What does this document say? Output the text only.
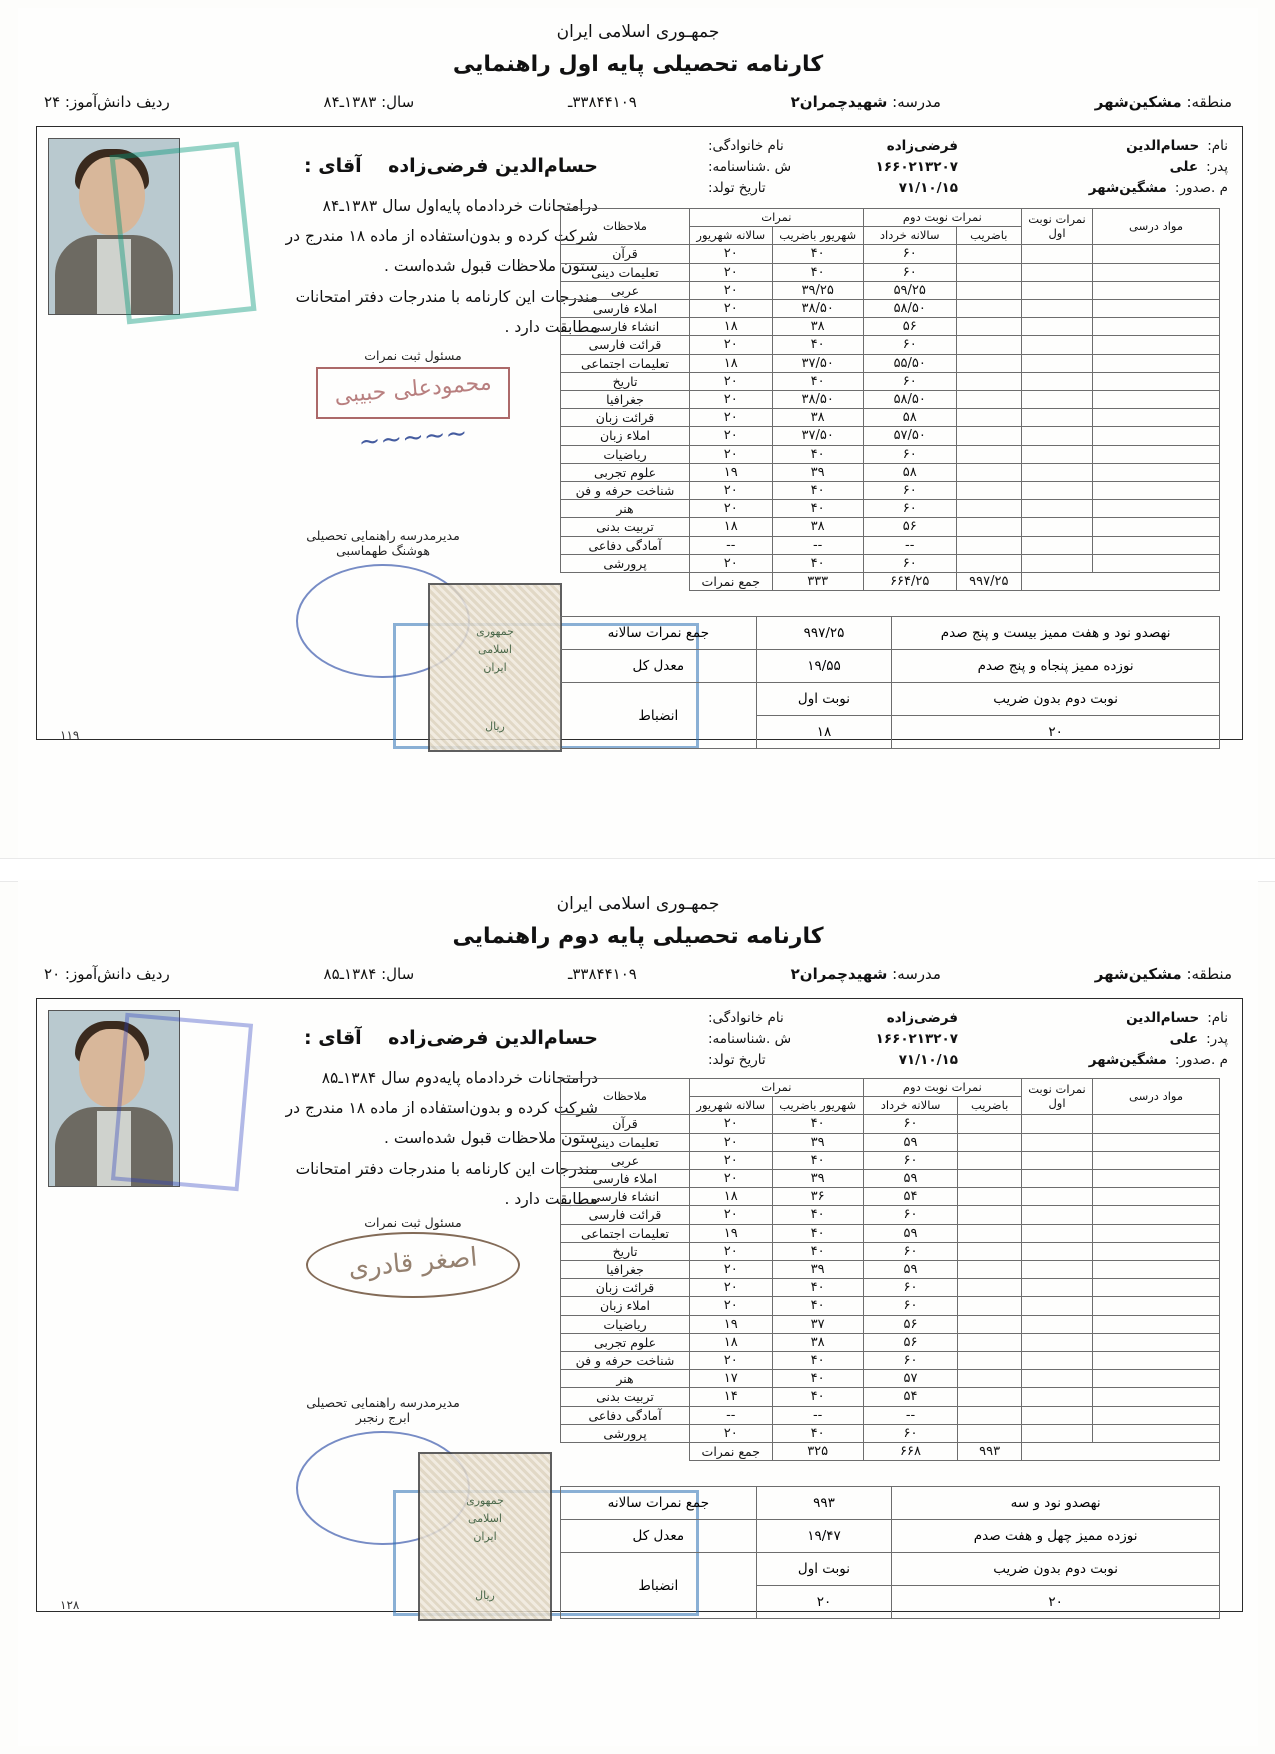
جمهـوری اسلامی ایران
کارنامه تحصیلی پایه اول راهنمایی
منطقه: مشکین‌شهر
مدرسه: شهیدچمران۲
۳۳۸۴۴۱۰۹ـ
سال: ۱۳۸۳ـ۸۴
ردیف دانش‌آموز: ۲۴
نام:
حسام‌الدین
پدر:
علی
م .صدور:
مشگین‌شهر
فرضی‌زاده
نام خانوادگی:
۱۶۶۰۲۱۳۲۰۷
ش .شناسنامه:
۷۱/۱۰/۱۵
تاریخ تولد:
حسام‌الدین فرضی‌زاده    آقای :
درامتحانات خردادماه پایه‌اول سال ۱۳۸۳ـ۸۴
شرکت کرده و بدون‌استفاده از ماده ۱۸ مندرج در
ستون ملاحظات قبول شده‌است .
مندرجات این کارنامه با مندرجات دفتر امتحانات
مطابقت دارد .
مسئول ثبت نمرات
محمودعلی حبیبی
~~~~~
مدیرمدرسه راهنمایی تحصیلی
هوشنگ طهماسبی
جمهوری
اسلامی
ایران
ریال
۱۱۹
مواد درسی	نمرات نوبت اول	نمرات نوبت دوم		نمرات		ملاحظات
		باضریب	سالانه خرداد	شهریور باضریب	سالانه شهریور	

			۶۰	۴۰	۲۰	قرآن
			۶۰	۴۰	۲۰	تعلیمات دینی
			۵۹/۲۵	۳۹/۲۵	۲۰	عربی
			۵۸/۵۰	۳۸/۵۰	۲۰	املاء فارسی
			۵۶	۳۸	۱۸	انشاء فارسی
			۶۰	۴۰	۲۰	قرائت فارسی
			۵۵/۵۰	۳۷/۵۰	۱۸	تعلیمات اجتماعی
			۶۰	۴۰	۲۰	تاریخ
			۵۸/۵۰	۳۸/۵۰	۲۰	جغرافیا
			۵۸	۳۸	۲۰	قرائت زبان
			۵۷/۵۰	۳۷/۵۰	۲۰	املاء زبان
			۶۰	۴۰	۲۰	ریاضیات
			۵۸	۳۹	۱۹	علوم تجربی
			۶۰	۴۰	۲۰	شناخت حرفه و فن
			۶۰	۴۰	۲۰	هنر
			۵۶	۳۸	۱۸	تربیت بدنی
			--	--	--	آمادگی دفاعی
			۶۰	۴۰	۲۰	پرورشی
		۹۹۷/۲۵	۶۶۴/۲۵	۳۳۳	جمع نمرات	
نهصدو نود و هفت ممیز بیست و پنج صدم	۹۹۷/۲۵	جمع نمرات سالانه
نوزده ممیز پنجاه و پنج صدم	۱۹/۵۵	معدل کل
نوبت دوم بدون ضریب	نوبت اول	انضباط
۲۰	۱۸	
جمهـوری اسلامی ایران
کارنامه تحصیلی پایه دوم راهنمایی
منطقه: مشکین‌شهر
مدرسه: شهیدچمران۲
۳۳۸۴۴۱۰۹ـ
سال: ۱۳۸۴ـ۸۵
ردیف دانش‌آموز: ۲۰
نام:
حسام‌الدین
پدر:
علی
م .صدور:
مشگین‌شهر
فرضی‌زاده
نام خانوادگی:
۱۶۶۰۲۱۳۲۰۷
ش .شناسنامه:
۷۱/۱۰/۱۵
تاریخ تولد:
حسام‌الدین فرضی‌زاده    آقای :
درامتحانات خردادماه پایه‌دوم سال ۱۳۸۴ـ۸۵
شرکت کرده و بدون‌استفاده از ماده ۱۸ مندرج در
ستون ملاحظات قبول شده‌است .
مندرجات این کارنامه با مندرجات دفتر امتحانات
مطابقت دارد .
مسئول ثبت نمرات
اصغر قادری
مدیرمدرسه راهنمایی تحصیلی
ابرج رنجبر
جمهوری
اسلامی
ایران
ریال
۱۲۸
مواد درسی	نمرات نوبت اول	نمرات نوبت دوم		نمرات		ملاحظات
		باضریب	سالانه خرداد	شهریور باضریب	سالانه شهریور	

			۶۰	۴۰	۲۰	قرآن
			۵۹	۳۹	۲۰	تعلیمات دینی
			۶۰	۴۰	۲۰	عربی
			۵۹	۳۹	۲۰	املاء فارسی
			۵۴	۳۶	۱۸	انشاء فارسی
			۶۰	۴۰	۲۰	قرائت فارسی
			۵۹	۴۰	۱۹	تعلیمات اجتماعی
			۶۰	۴۰	۲۰	تاریخ
			۵۹	۳۹	۲۰	جغرافیا
			۶۰	۴۰	۲۰	قرائت زبان
			۶۰	۴۰	۲۰	املاء زبان
			۵۶	۳۷	۱۹	ریاضیات
			۵۶	۳۸	۱۸	علوم تجربی
			۶۰	۴۰	۲۰	شناخت حرفه و فن
			۵۷	۴۰	۱۷	هنر
			۵۴	۴۰	۱۴	تربیت بدنی
			--	--	--	آمادگی دفاعی
			۶۰	۴۰	۲۰	پرورشی
		۹۹۳	۶۶۸	۳۲۵	جمع نمرات	
نهصدو نود و سه	۹۹۳	جمع نمرات سالانه
نوزده ممیز چهل و هفت صدم	۱۹/۴۷	معدل کل
نوبت دوم بدون ضریب	نوبت اول	انضباط
۲۰	۲۰	
